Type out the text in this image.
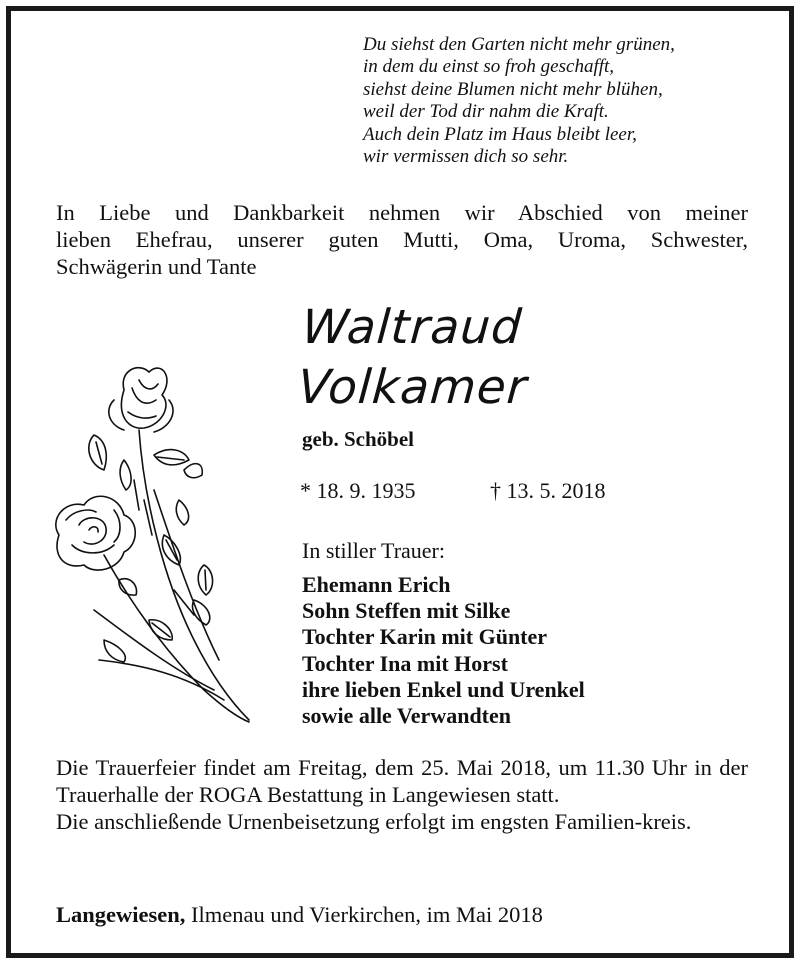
Du siehst den Garten nicht mehr grünen,
in dem du einst so froh geschafft,
siehst deine Blumen nicht mehr blühen,
weil der Tod dir nahm die Kraft.
Auch dein Platz im Haus bleibt leer,
wir vermissen dich so sehr.
In Liebe und Dankbarkeit nehmen wir Abschied von meiner
lieben Ehefrau, unserer guten Mutti, Oma, Uroma, Schwester,
Schwägerin und Tante
Waltraud
Volkamer
geb. Schöbel
* 18. 9. 1935	† 13. 5. 2018
In stiller Trauer:
Ehemann Erich
Sohn Steffen mit Silke
Tochter Karin mit Günter
Tochter Ina mit Horst
ihre lieben Enkel und Urenkel
sowie alle Verwandten

Die Trauerfeier findet am Freitag, dem 25. Mai 2018, um 11.30 Uhr in der Trauerhalle der ROGA Bestattung in Langewiesen statt.

Die anschließende Urnenbeisetzung erfolgt im engsten Familien-kreis.

Langewiesen, Ilmenau und Vierkirchen, im Mai 2018
